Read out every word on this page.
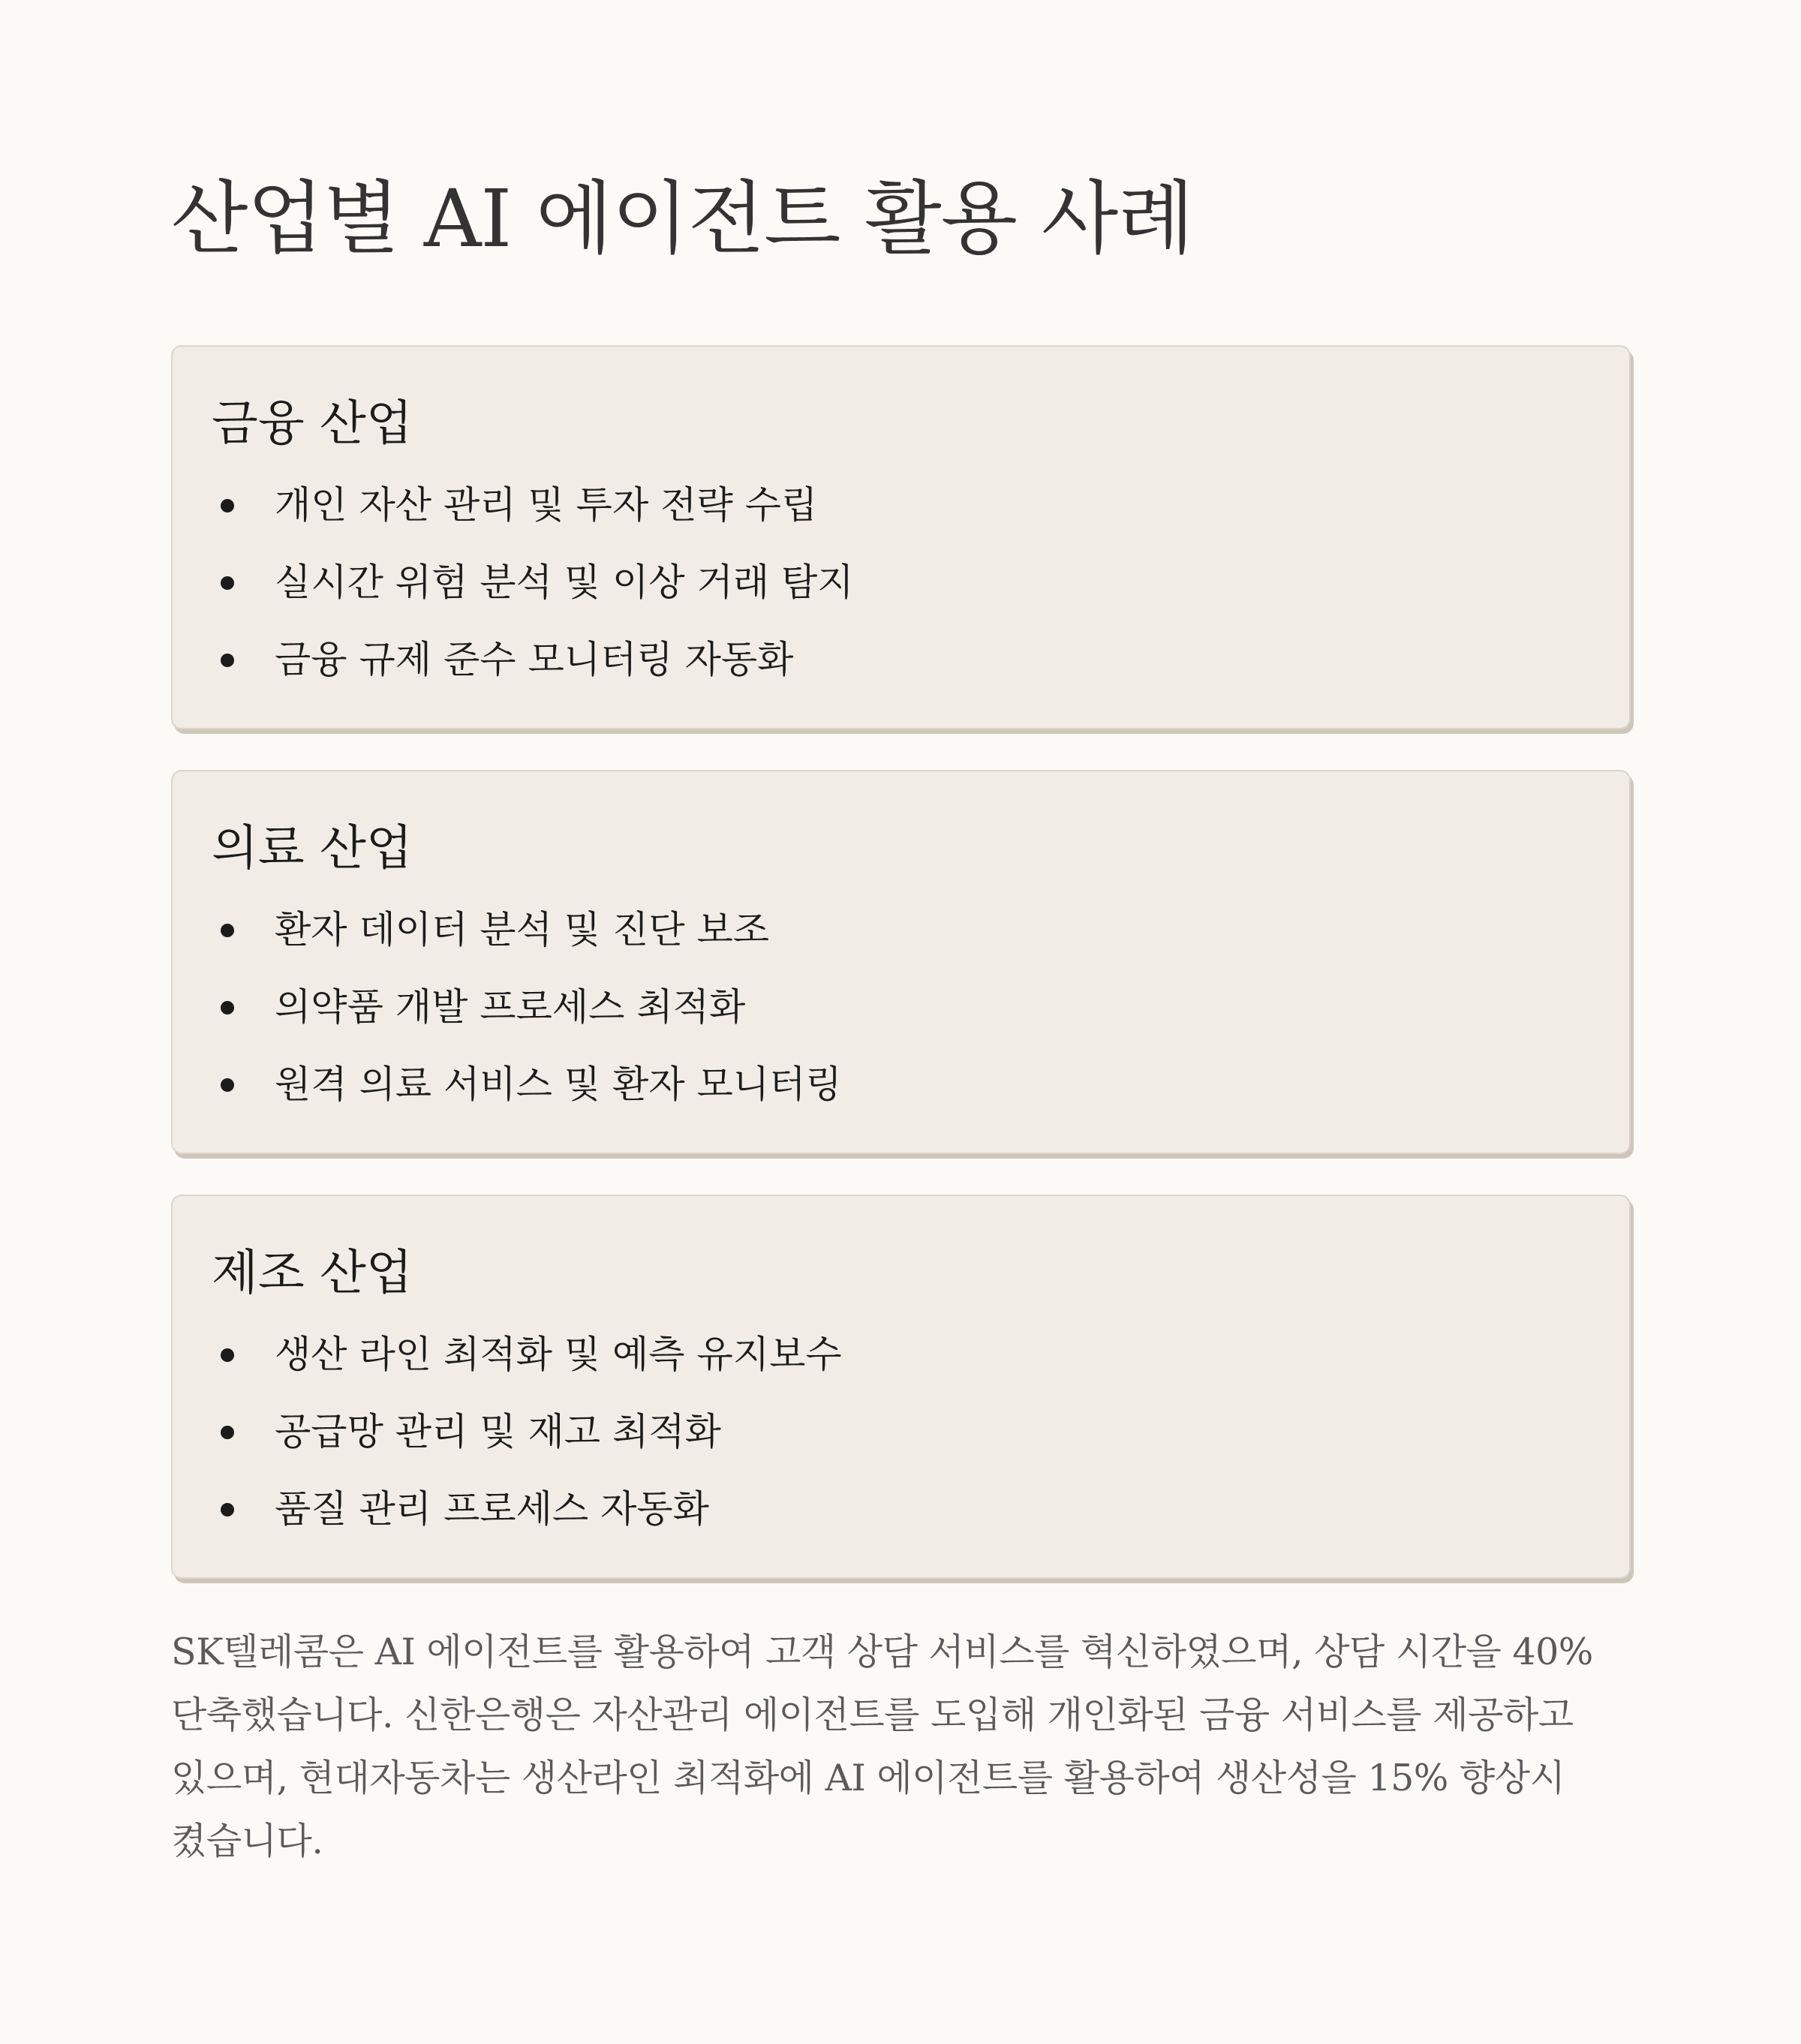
산업별 AI 에이전트 활용 사례
금융 산업
개인 자산 관리 및 투자 전략 수립
실시간 위험 분석 및 이상 거래 탐지
금융 규제 준수 모니터링 자동화
의료 산업
환자 데이터 분석 및 진단 보조
의약품 개발 프로세스 최적화
원격 의료 서비스 및 환자 모니터링
제조 산업
생산 라인 최적화 및 예측 유지보수
공급망 관리 및 재고 최적화
품질 관리 프로세스 자동화

SK텔레콤은 AI 에이전트를 활용하여 고객 상담 서비스를 혁신하였으며, 상담 시간을 40%
단축했습니다. 신한은행은 자산관리 에이전트를 도입해 개인화된 금융 서비스를 제공하고
있으며, 현대자동차는 생산라인 최적화에 AI 에이전트를 활용하여 생산성을 15% 향상시
켰습니다.
